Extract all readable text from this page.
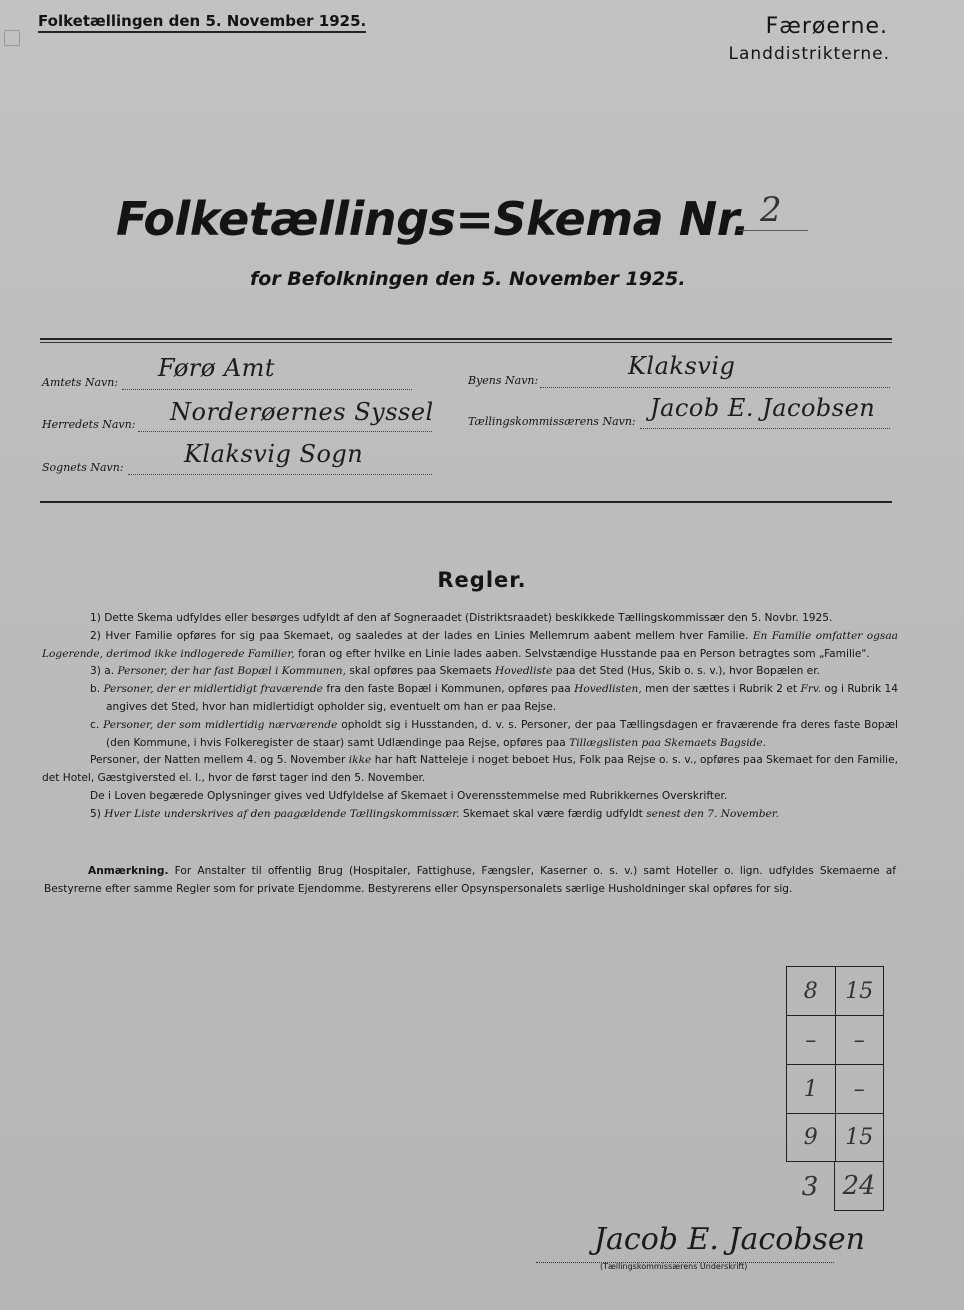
Folketællingen den 5. November 1925.	Færøerne.
Landdistrikterne.
Folketællings=Skema Nr. 2
for Befolkningen den 5. November 1925.
Amtets Navn:
Førø Amt
Herredets Navn: Norderøernes Syssel
Sognets Navn:	Klaksvig Sogn
Byens Navn:
Klaksvig
Tællingskommissærens Navn: Jacob E. Jacobsen
Regler.

1) Dette Skema udfyldes eller besørges udfyldt af den af Sogneraadet (Distriktsraadet) beskikkede Tællingskommissær den 5. Novbr. 1925.

2) Hver Familie opføres for sig paa Skemaet, og saaledes at der lades en Linies Mellemrum aabent mellem hver Familie. En Familie omfatter ogsaa Logerende, derimod ikke indlogerede Familier, foran og efter hvilke en Linie lades aaben. Selvstændige Husstande paa en Person betragtes som „Familie".

3) a. Personer, der har fast Bopæl i Kommunen, skal opføres paa Skemaets Hovedliste paa det Sted (Hus, Skib o. s. v.), hvor Bopælen er.

b. Personer, der er midlertidigt fraværende fra den faste Bopæl i Kommunen, opføres paa Hovedlisten, men der sættes i Rubrik 2 et Frv. og i Rubrik 14 angives det Sted, hvor han midlertidigt opholder sig, eventuelt om han er paa Rejse.

c. Personer, der som midlertidig nærværende opholdt sig i Husstanden, d. v. s. Personer, der paa Tællingsdagen er fraværende fra deres faste Bopæl (den Kommune, i hvis Folkeregister de staar) samt Udlændinge paa Rejse, opføres paa Tillægslisten paa Skemaets Bagside.

Personer, der Natten mellem 4. og 5. November ikke har haft Natteleje i noget beboet Hus, Folk paa Rejse o. s. v., opføres paa Skemaet for den Familie, det Hotel, Gæstgiversted el. l., hvor de først tager ind den 5. November.

De i Loven begærede Oplysninger gives ved Udfyldelse af Skemaet i Overensstemmelse med Rubrikkernes Overskrifter.

5) Hver Liste underskrives af den paagældende Tællingskommissær. Skemaet skal være færdig udfyldt senest den 7. November.

Anmærkning. For Anstalter til offentlig Brug (Hospitaler, Fattighuse, Fængsler, Kaserner o. s. v.) samt Hoteller o. lign. udfyldes Skemaerne af Bestyrerne efter samme Regler som for private Ejendomme. Bestyrerens eller Opsynspersonalets særlige Husholdninger skal opføres for sig.
8	15
–	–
1	–
9	15
3 24
Jacob E. Jacobsen
(Tællingskommissærens Underskrift)
